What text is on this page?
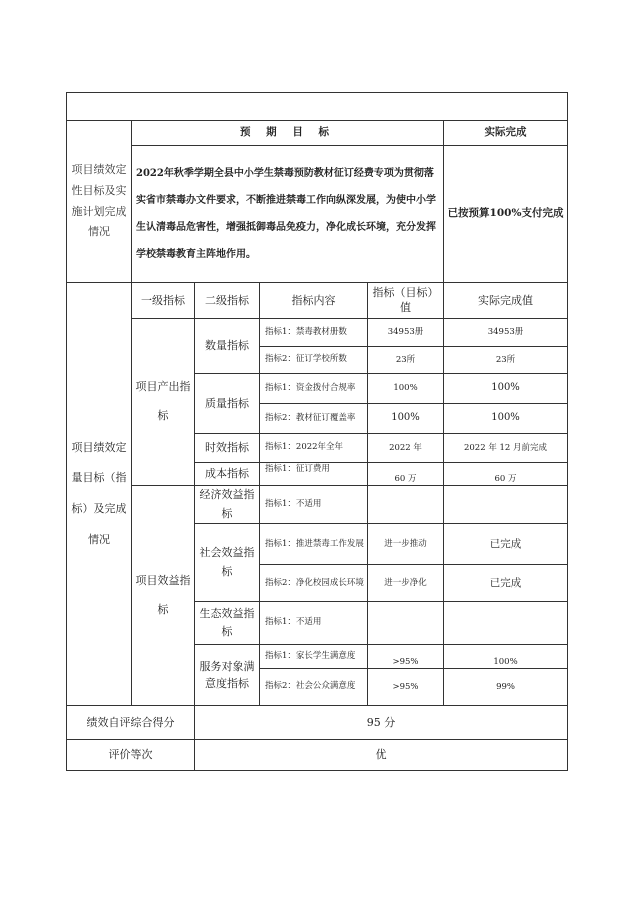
项目绩效定性目标及实施计划完成情况	预 期 目 标				实际完成
	2022年秋季学期全县中小学生禁毒预防教材征订经费专项为贯彻落实省市禁毒办文件要求，不断推进禁毒工作向纵深发展，为使中小学生认清毒品危害性，增强抵御毒品免疫力，净化成长环境，充分发挥学校禁毒教育主阵地作用。				已按预算100%支付完成
项目绩效定量目标（指标）及完成情况	一级指标	二级指标	指标内容	指标（目标）值	实际完成值
	项目产出指标	数量指标	指标1：禁毒教材册数	34953册	34953册
			指标2：征订学校所数	23所	23所
		质量指标	指标1：资金拨付合规率	100%	100%
			指标2：教材征订覆盖率	100%	100%
		时效指标	指标1：2022年全年	2022 年	2022 年 12 月前完成
		成本指标	指标1：征订费用	60 万	60 万
	项目效益指标	经济效益指标	指标1：不适用		
		社会效益指标	指标1：推进禁毒工作发展	进一步推动	已完成
			指标2：净化校园成长环境	进一步净化	已完成
		生态效益指标	指标1：不适用		
		服务对象满意度指标	指标1：家长学生满意度	>95%	100%
			指标2：社会公众满意度	>95%	99%
绩效自评综合得分		95 分			
评价等次		优			
